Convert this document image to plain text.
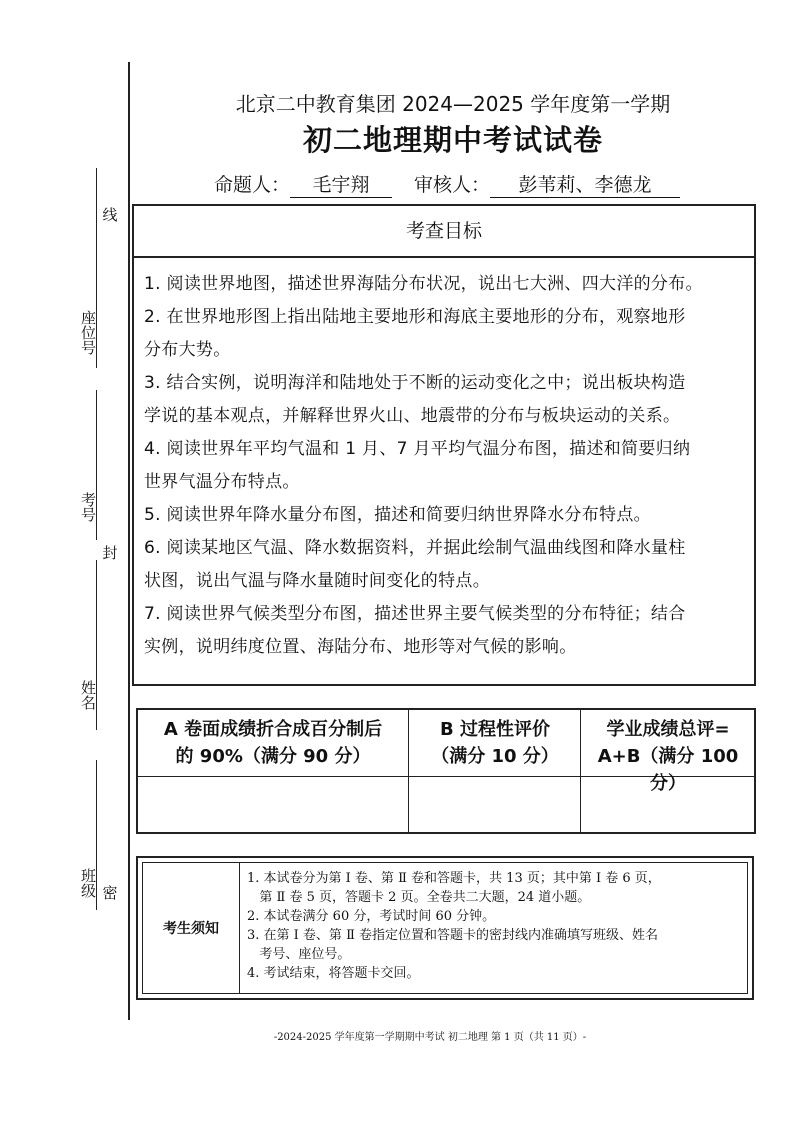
座位号
考号
姓名
班级
线
封
密
北京二中教育集团 2024—2025 学年度第一学期
初二地理期中考试试卷
命题人： 毛宇翔 审核人： 彭苇莉、李德龙
考查目标
1. 阅读世界地图，描述世界海陆分布状况，说出七大洲、四大洋的分布。
2. 在世界地形图上指出陆地主要地形和海底主要地形的分布，观察地形
分布大势。
3. 结合实例，说明海洋和陆地处于不断的运动变化之中；说出板块构造
学说的基本观点，并解释世界火山、地震带的分布与板块运动的关系。
4. 阅读世界年平均气温和 1 月、7 月平均气温分布图，描述和简要归纳
世界气温分布特点。
5. 阅读世界年降水量分布图，描述和简要归纳世界降水分布特点。
6. 阅读某地区气温、降水数据资料，并据此绘制气温曲线图和降水量柱
状图，说出气温与降水量随时间变化的特点。
7. 阅读世界气候类型分布图，描述世界主要气候类型的分布特征；结合
实例，说明纬度位置、海陆分布、地形等对气候的影响。
A 卷面成绩折合成百分制后
的 90%（满分 90 分）
B 过程性评价
（满分 10 分）
学业成绩总评=
A+B（满分 100 分）
考生须知
1. 本试卷分为第 Ⅰ 卷、第 Ⅱ 卷和答题卡，共 13 页；其中第 Ⅰ 卷 6 页，
第 Ⅱ 卷 5 页，答题卡 2 页。全卷共二大题，24 道小题。
2. 本试卷满分 60 分，考试时间 60 分钟。
3. 在第 Ⅰ 卷、第 Ⅱ 卷指定位置和答题卡的密封线内准确填写班级、姓名
考号、座位号。
4. 考试结束，将答题卡交回。
-2024-2025 学年度第一学期期中考试 初二地理 第 1 页（共 11 页）-
